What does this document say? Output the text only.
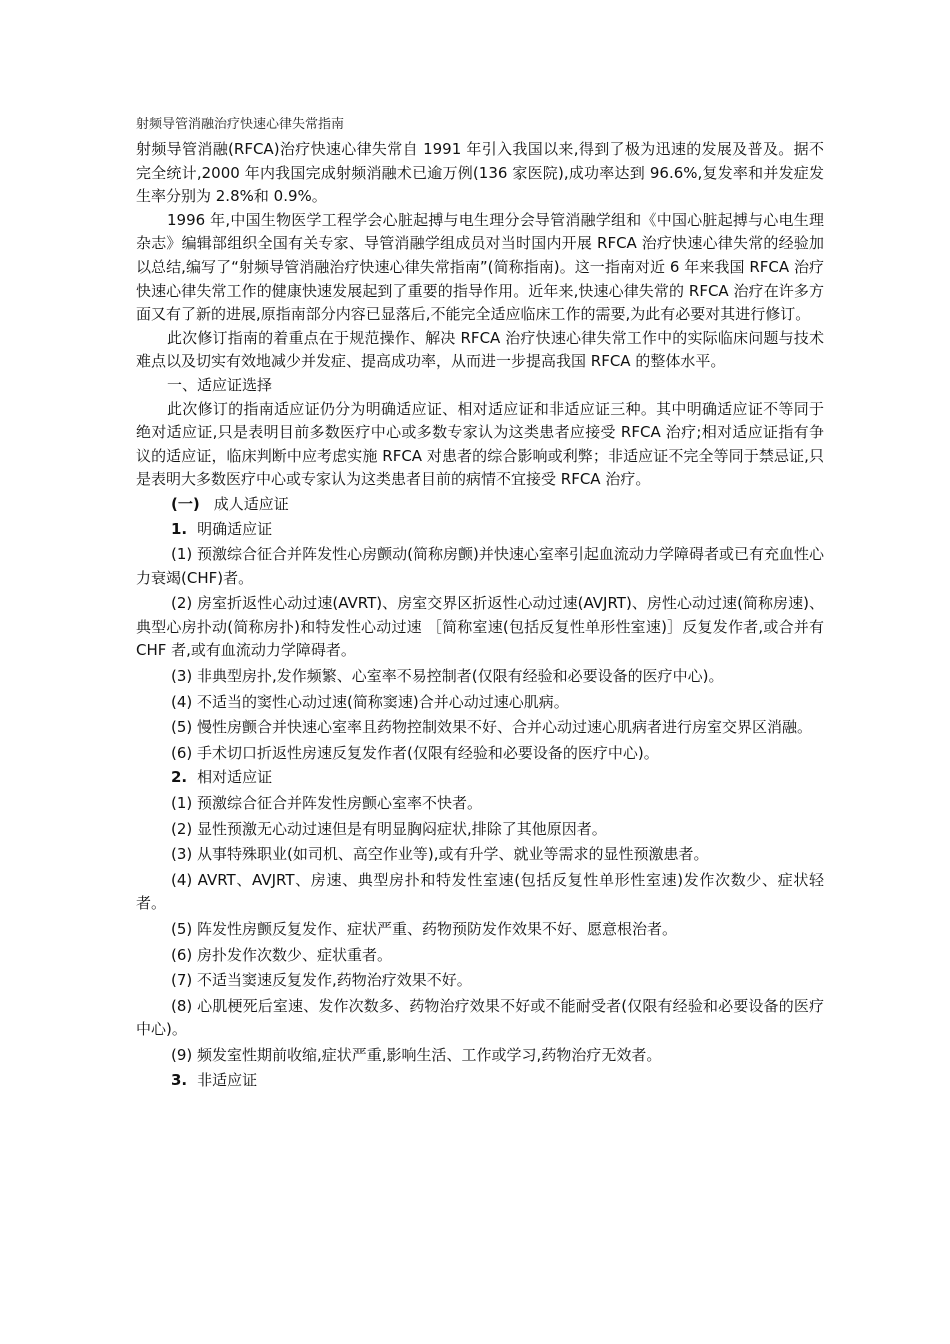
射频导管消融治疗快速心律失常指南

射频导管消融(RFCA)治疗快速心律失常自 1991 年引入我国以来,得到了极为迅速的发展及普及。据不完全统计,2000 年内我国完成射频消融术已逾万例(136 家医院),成功率达到 96.6%,复发率和并发症发生率分别为 2.8%和 0.9%。

1996 年,中国生物医学工程学会心脏起搏与电生理分会导管消融学组和《中国心脏起搏与心电生理杂志》编辑部组织全国有关专家、导管消融学组成员对当时国内开展 RFCA 治疗快速心律失常的经验加以总结,编写了“射频导管消融治疗快速心律失常指南”(简称指南)。这一指南对近 6 年来我国 RFCA 治疗快速心律失常工作的健康快速发展起到了重要的指导作用。近年来,快速心律失常的 RFCA 治疗在许多方面又有了新的进展,原指南部分内容已显落后,不能完全适应临床工作的需要,为此有必要对其进行修订。

此次修订指南的着重点在于规范操作、解决 RFCA 治疗快速心律失常工作中的实际临床问题与技术难点以及切实有效地减少并发症、提高成功率，从而进一步提高我国 RFCA 的整体水平。

一、适应证选择

此次修订的指南适应证仍分为明确适应证、相对适应证和非适应证三种。其中明确适应证不等同于绝对适应证,只是表明目前多数医疗中心或多数专家认为这类患者应接受 RFCA 治疗;相对适应证指有争议的适应证，临床判断中应考虑实施 RFCA 对患者的综合影响或利弊；非适应证不完全等同于禁忌证,只是表明大多数医疗中心或专家认为这类患者目前的病情不宜接受 RFCA 治疗。

(一) 成人适应证

1. 明确适应证

(1) 预激综合征合并阵发性心房颤动(简称房颤)并快速心室率引起血流动力学障碍者或已有充血性心力衰竭(CHF)者。

(2) 房室折返性心动过速(AVRT)、房室交界区折返性心动过速(AVJRT)、房性心动过速(简称房速)、典型心房扑动(简称房扑)和特发性心动过速 ［简称室速(包括反复性单形性室速)］反复发作者,或合并有 CHF 者,或有血流动力学障碍者。

(3) 非典型房扑,发作频繁、心室率不易控制者(仅限有经验和必要设备的医疗中心)。

(4) 不适当的窦性心动过速(简称窦速)合并心动过速心肌病。

(5) 慢性房颤合并快速心室率且药物控制效果不好、合并心动过速心肌病者进行房室交界区消融。

(6) 手术切口折返性房速反复发作者(仅限有经验和必要设备的医疗中心)。

2. 相对适应证

(1) 预激综合征合并阵发性房颤心室率不快者。

(2) 显性预激无心动过速但是有明显胸闷症状,排除了其他原因者。

(3) 从事特殊职业(如司机、高空作业等),或有升学、就业等需求的显性预激患者。

(4) AVRT、AVJRT、房速、典型房扑和特发性室速(包括反复性单形性室速)发作次数少、症状轻者。

(5) 阵发性房颤反复发作、症状严重、药物预防发作效果不好、愿意根治者。

(6) 房扑发作次数少、症状重者。

(7) 不适当窦速反复发作,药物治疗效果不好。

(8) 心肌梗死后室速、发作次数多、药物治疗效果不好或不能耐受者(仅限有经验和必要设备的医疗中心)。

(9) 频发室性期前收缩,症状严重,影响生活、工作或学习,药物治疗无效者。

3. 非适应证
